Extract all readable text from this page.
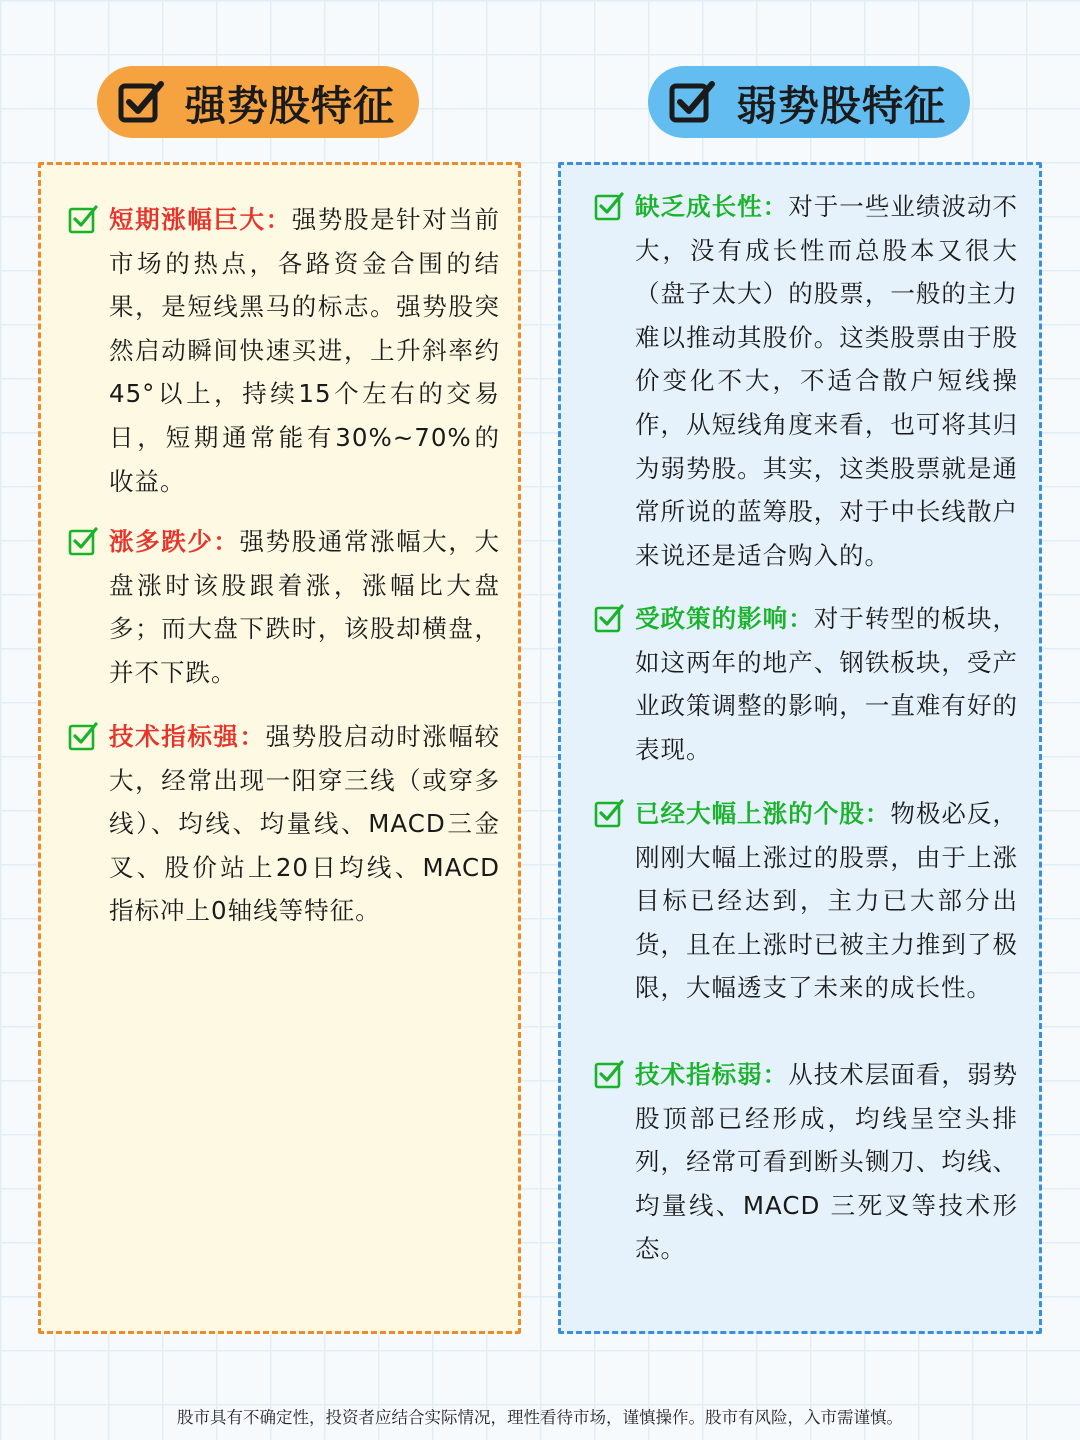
强势股特征	弱势股特征

短期涨幅巨大：强势股是针对当前市场的热点，各路资金合围的结果，是短线黑马的标志。强势股突然启动瞬间快速买进，上升斜率约45°以上，持续15个左右的交易日，短期通常能有30%~70%的收益。

涨多跌少：强势股通常涨幅大，大盘涨时该股跟着涨，涨幅比大盘多；而大盘下跌时，该股却横盘，并不下跌。

技术指标强：强势股启动时涨幅较大，经常出现一阳穿三线（或穿多线）、均线、均量线、MACD三金叉、股价站上20日均线、MACD指标冲上0轴线等特征。

缺乏成长性：对于一些业绩波动不大，没有成长性而总股本又很大（盘子太大）的股票，一般的主力难以推动其股价。这类股票由于股价变化不大，不适合散户短线操作，从短线角度来看，也可将其归为弱势股。其实，这类股票就是通常所说的蓝筹股，对于中长线散户来说还是适合购入的。

受政策的影响：对于转型的板块，如这两年的地产、钢铁板块，受产业政策调整的影响，一直难有好的表现。

已经大幅上涨的个股：物极必反，刚刚大幅上涨过的股票，由于上涨目标已经达到，主力已大部分出货，且在上涨时已被主力推到了极限，大幅透支了未来的成长性。

技术指标弱：从技术层面看，弱势股顶部已经形成，均线呈空头排列，经常可看到断头铡刀、均线、均量线、MACD 三死叉等技术形态。

股市具有不确定性，投资者应结合实际情况，理性看待市场，谨慎操作。股市有风险，入市需谨慎。
